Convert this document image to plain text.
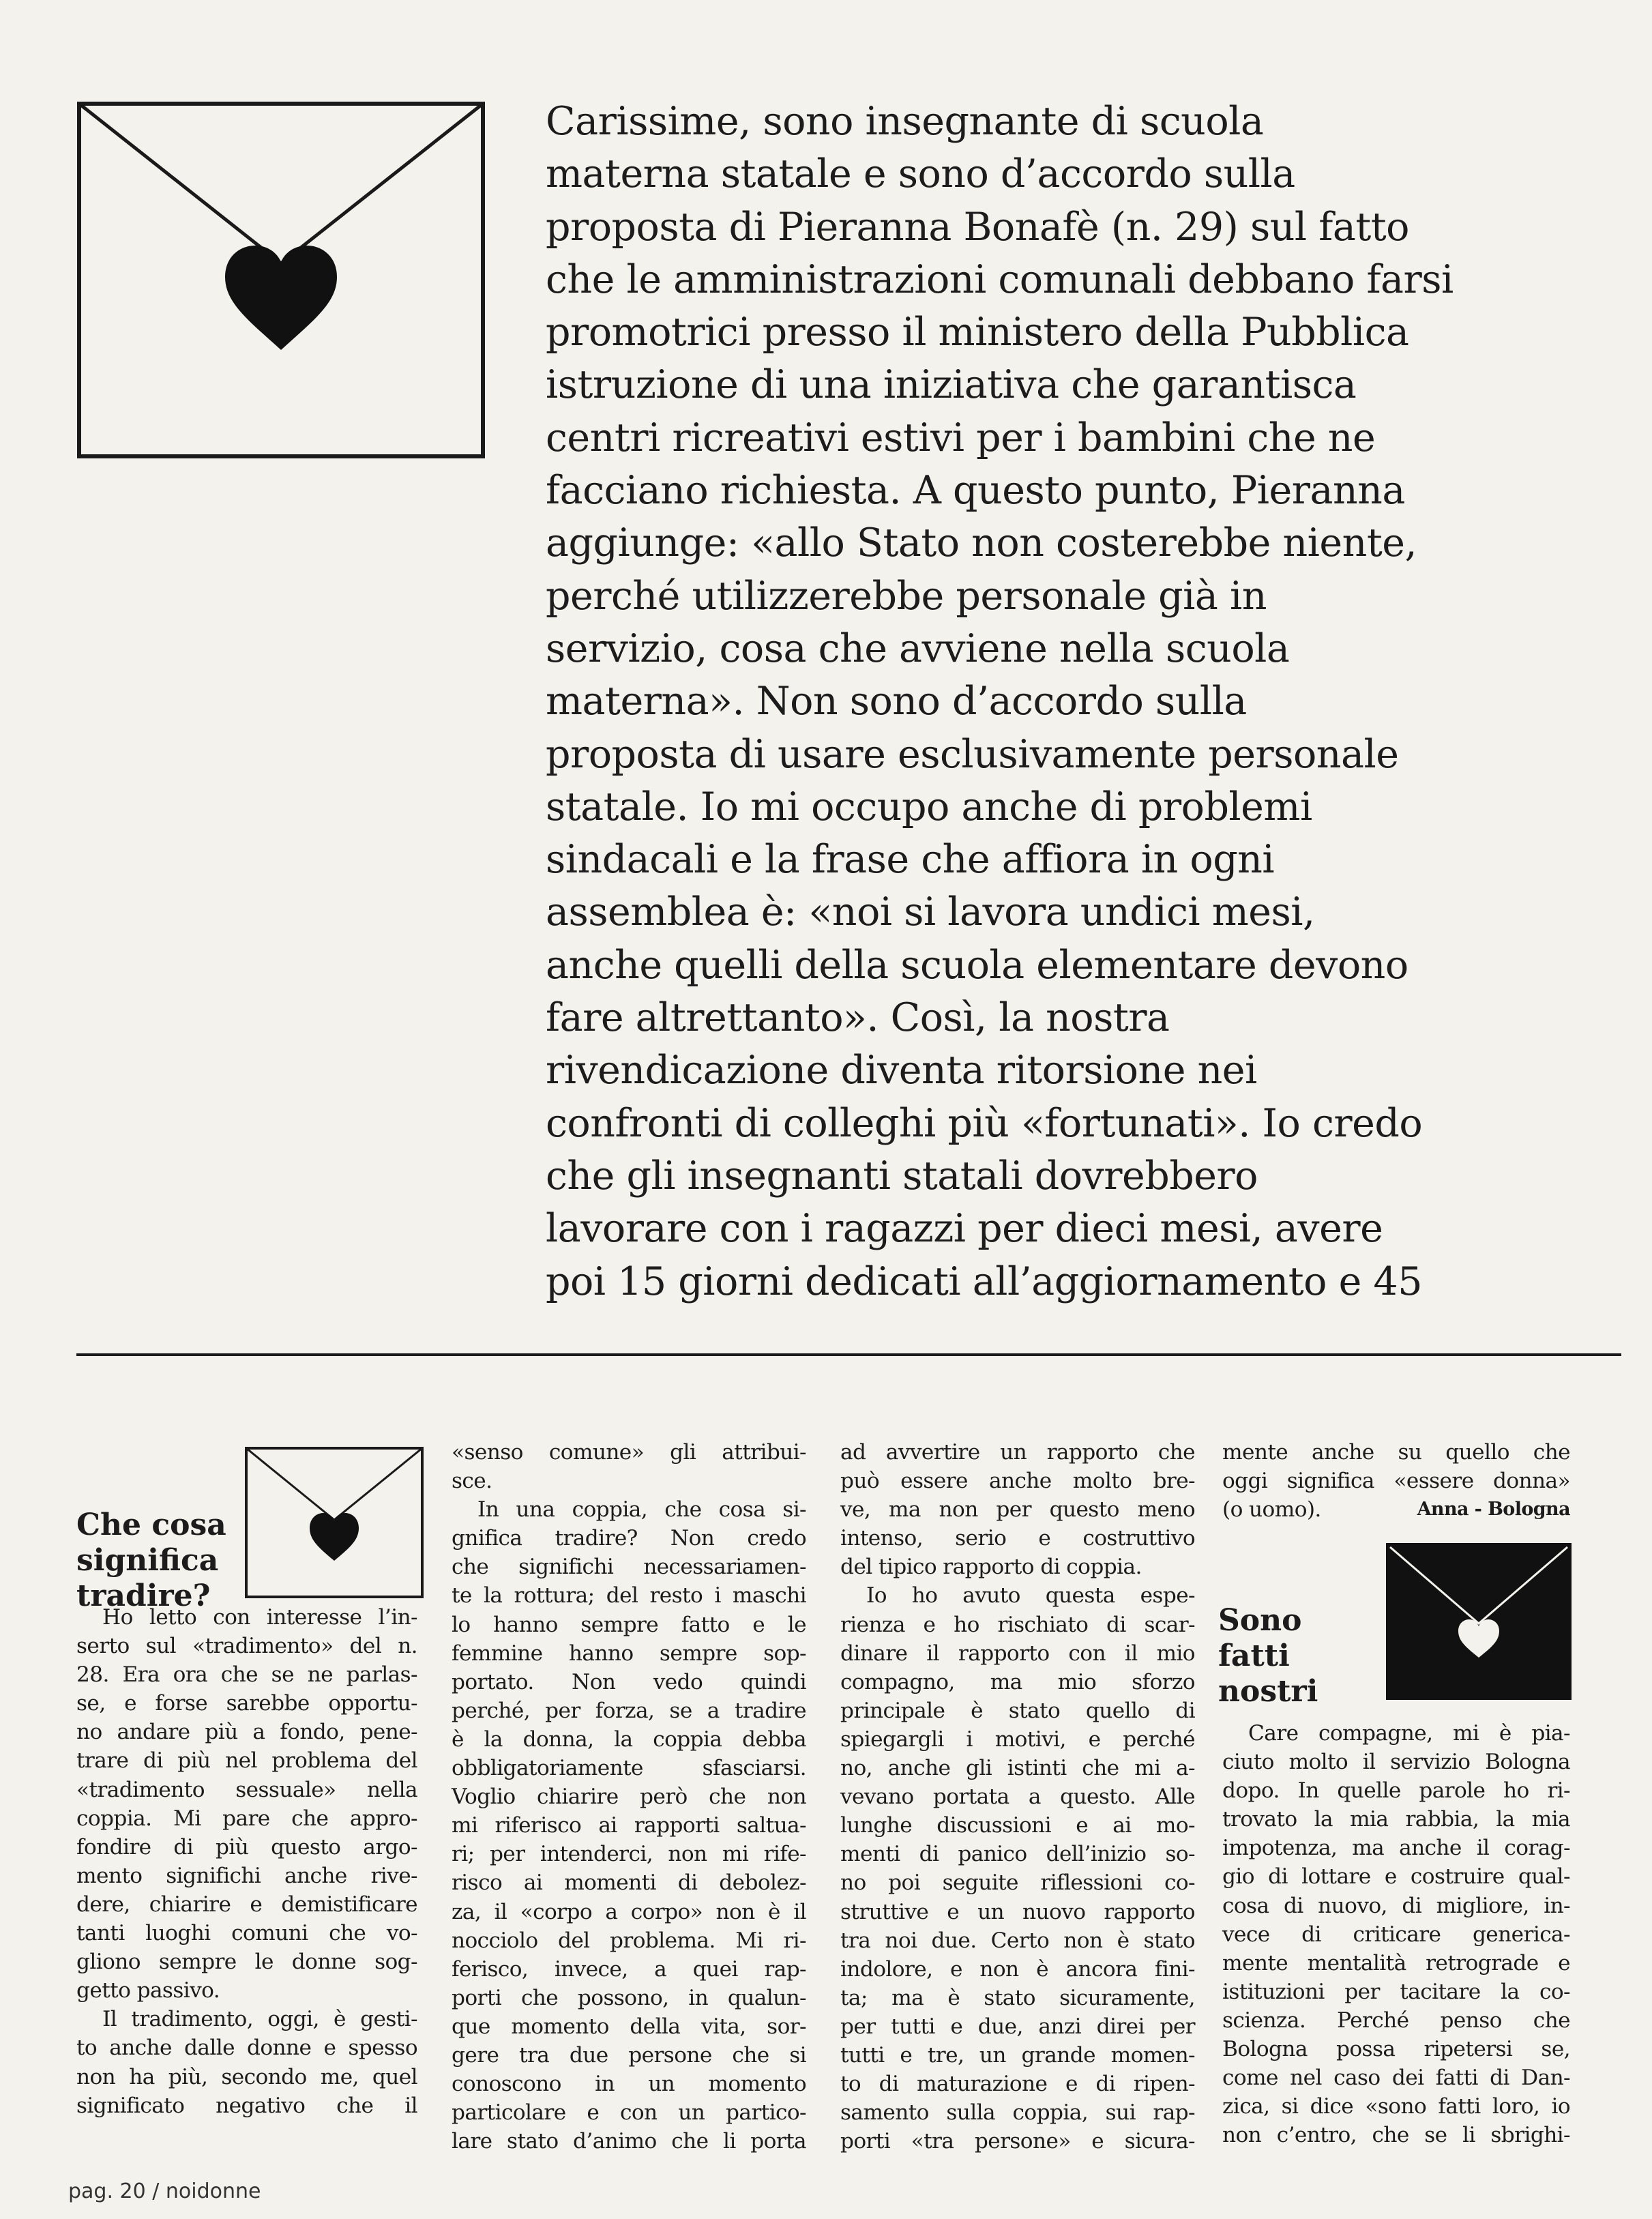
Carissime, sono insegnante di scuola
materna statale e sono d’accordo sulla
proposta di Pieranna Bonafè (n. 29) sul fatto
che le amministrazioni comunali debbano farsi
promotrici presso il ministero della Pubblica
istruzione di una iniziativa che garantisca
centri ricreativi estivi per i bambini che ne
facciano richiesta. A questo punto, Pieranna
aggiunge: «allo Stato non costerebbe niente,
perché utilizzerebbe personale già in
servizio, cosa che avviene nella scuola
materna». Non sono d’accordo sulla
proposta di usare esclusivamente personale
statale. Io mi occupo anche di problemi
sindacali e la frase che affiora in ogni
assemblea è: «noi si lavora undici mesi,
anche quelli della scuola elementare devono
fare altrettanto». Così, la nostra
rivendicazione diventa ritorsione nei
confronti di colleghi più «fortunati». Io credo
che gli insegnanti statali dovrebbero
lavorare con i ragazzi per dieci mesi, avere
poi 15 giorni dedicati all’aggiornamento e 45
Che cosa
significa
tradire?
Ho letto con interesse l’in-
serto sul «tradimento» del n.
28. Era ora che se ne parlas-
se, e forse sarebbe opportu-
no andare più a fondo, pene-
trare di più nel problema del
«tradimento sessuale» nella
coppia. Mi pare che appro-
fondire di più questo argo-
mento significhi anche rive-
dere, chiarire e demistificare
tanti luoghi comuni che vo-
gliono sempre le donne sog-
getto passivo.
Il tradimento, oggi, è gesti-
to anche dalle donne e spesso
non ha più, secondo me, quel
significato negativo che il
«senso comune» gli attribui-
sce.
In una coppia, che cosa si-
gnifica tradire? Non credo
che significhi necessariamen-
te la rottura; del resto i maschi
lo hanno sempre fatto e le
femmine hanno sempre sop-
portato. Non vedo quindi
perché, per forza, se a tradire
è la donna, la coppia debba
obbligatoriamente sfasciarsi.
Voglio chiarire però che non
mi riferisco ai rapporti saltua-
ri; per intenderci, non mi rife-
risco ai momenti di debolez-
za, il «corpo a corpo» non è il
nocciolo del problema. Mi ri-
ferisco, invece, a quei rap-
porti che possono, in qualun-
que momento della vita, sor-
gere tra due persone che si
conoscono in un momento
particolare e con un partico-
lare stato d’animo che li porta
ad avvertire un rapporto che
può essere anche molto bre-
ve, ma non per questo meno
intenso, serio e costruttivo
del tipico rapporto di coppia.
Io ho avuto questa espe-
rienza e ho rischiato di scar-
dinare il rapporto con il mio
compagno, ma mio sforzo
principale è stato quello di
spiegargli i motivi, e perché
no, anche gli istinti che mi a-
vevano portata a questo. Alle
lunghe discussioni e ai mo-
menti di panico dell’inizio so-
no poi seguite riflessioni co-
struttive e un nuovo rapporto
tra noi due. Certo non è stato
indolore, e non è ancora fini-
ta; ma è stato sicuramente,
per tutti e due, anzi direi per
tutti e tre, un grande momen-
to di maturazione e di ripen-
samento sulla coppia, sui rap-
porti «tra persone» e sicura-
mente anche su quello che
oggi significa «essere donna»
(o uomo).	Anna - Bologna
Sono fatti
nostri
Care compagne, mi è pia-
ciuto molto il servizio Bologna
dopo. In quelle parole ho ri-
trovato la mia rabbia, la mia
impotenza, ma anche il corag-
gio di lottare e costruire qual-
cosa di nuovo, di migliore, in-
vece di criticare generica-
mente mentalità retrograde e
istituzioni per tacitare la co-
scienza. Perché penso che
Bologna possa ripetersi se,
come nel caso dei fatti di Dan-
zica, si dice «sono fatti loro, io
non c’entro, che se li sbrighi-
pag. 20 / noidonne
